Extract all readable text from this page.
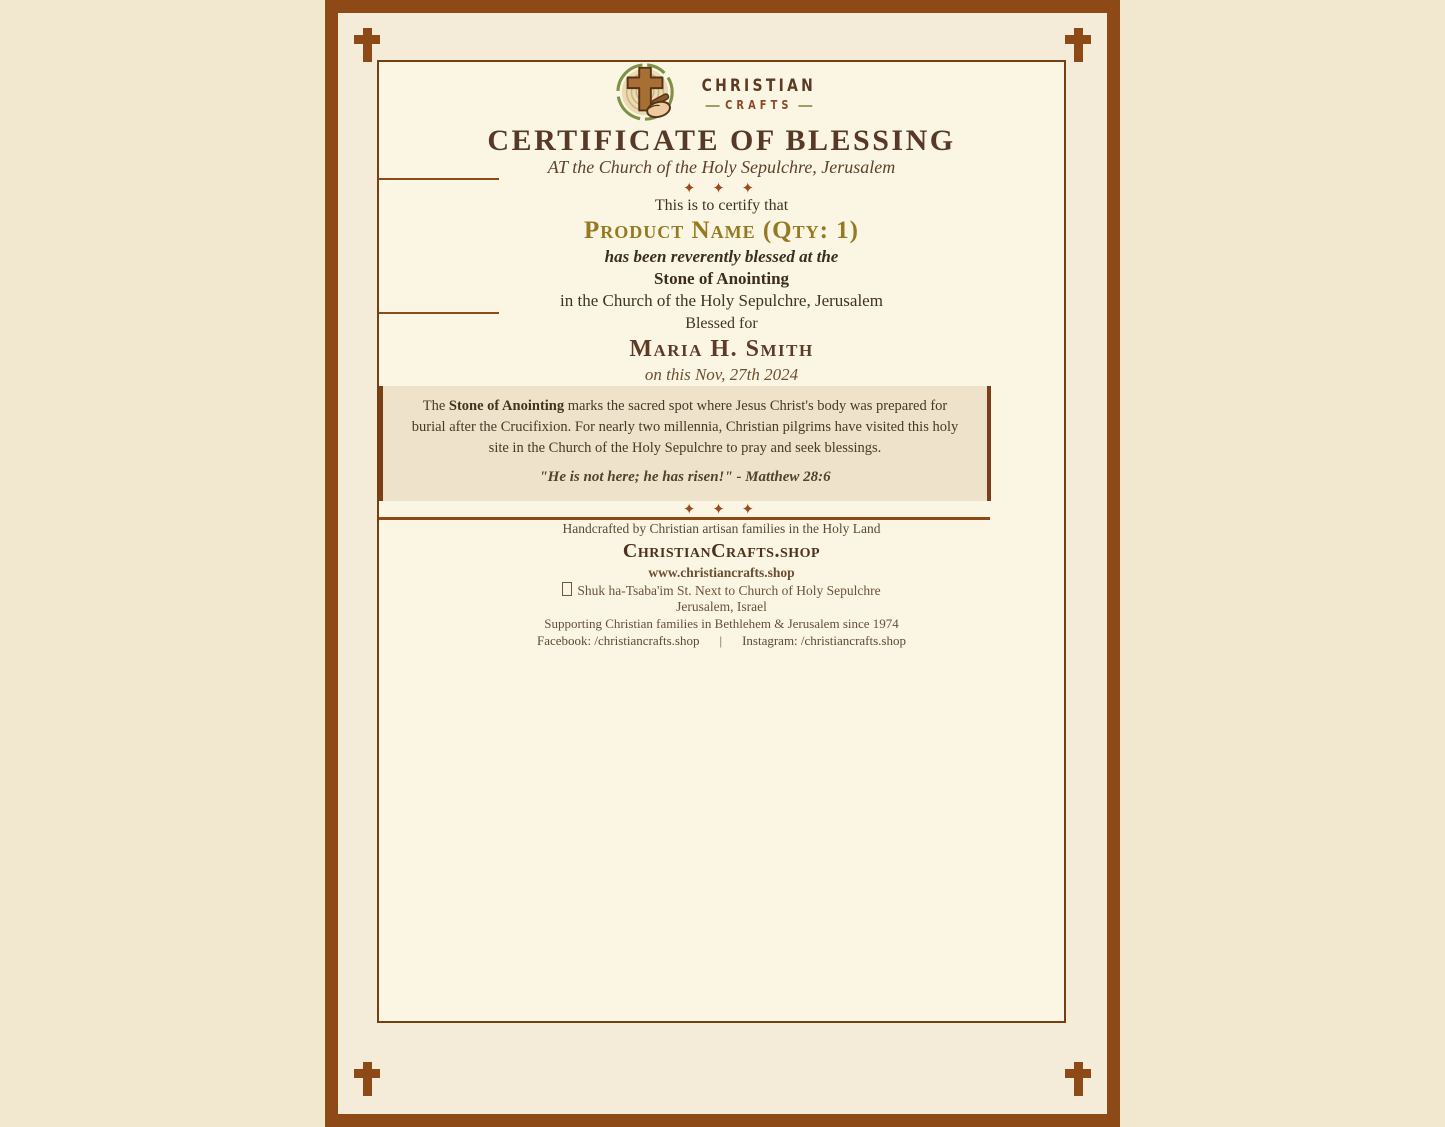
CHRISTIAN
CRAFTS
CERTIFICATE OF BLESSING
AT the Church of the Holy Sepulchre, Jerusalem
✦ ✦ ✦
This is to certify that
Product Name (Qty: 1)
has been reverently blessed at the
Stone of Anointing
in the Church of the Holy Sepulchre, Jerusalem
Blessed for
Maria H. Smith
on this Nov, 27th 2024

The Stone of Anointing marks the sacred spot where Jesus Christ's body was prepared for burial after the Crucifixion. For nearly two millennia, Christian pilgrims have visited this holy site in the Church of the Holy Sepulchre to pray and seek blessings.

"He is not here; he has risen!" - Matthew 28:6

✦ ✦ ✦
Handcrafted by Christian artisan families in the Holy Land
ChristianCrafts.shop
www.christiancrafts.shop
Shuk ha-Tsaba'im St. Next to Church of Holy Sepulchre
Jerusalem, Israel
Supporting Christian families in Bethlehem & Jerusalem since 1974
Facebook: /christiancrafts.shop | Instagram: /christiancrafts.shop
